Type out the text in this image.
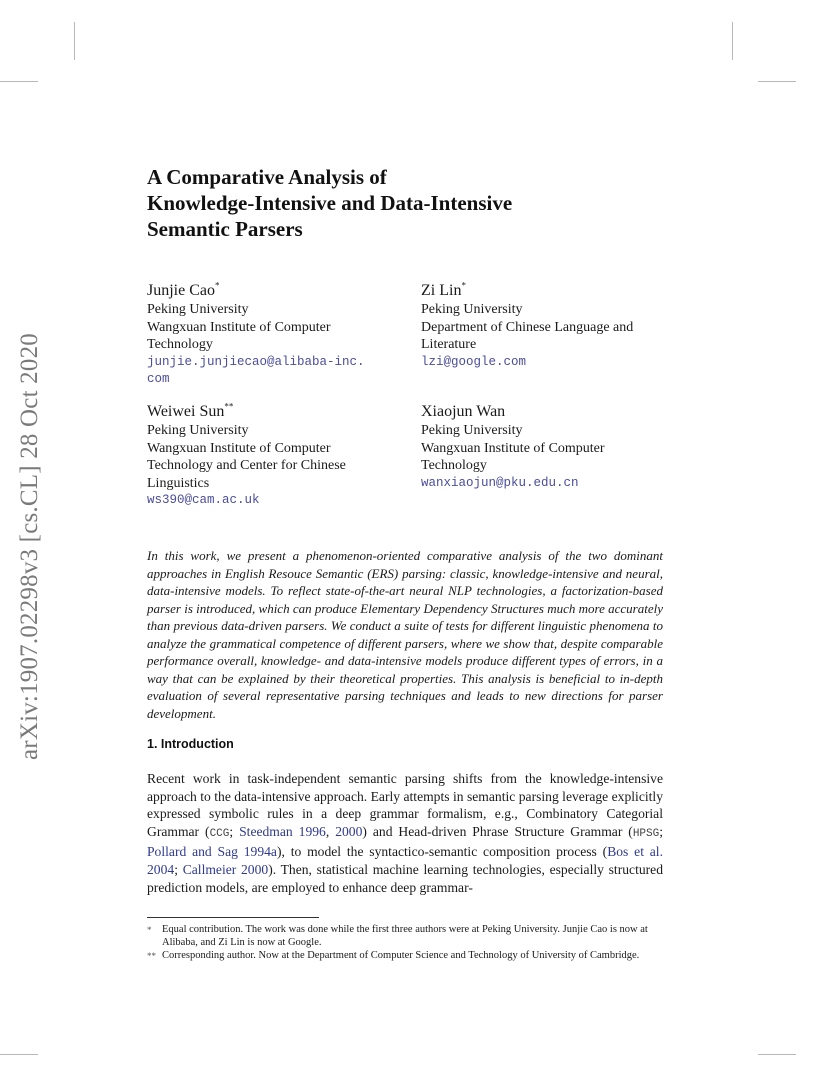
arXiv:1907.02298v3 [cs.CL] 28 Oct 2020
A Comparative Analysis of
Knowledge-Intensive and Data-Intensive
Semantic Parsers
Junjie Cao*
Peking University
Wangxuan Institute of Computer
Technology
junjie.junjiecao@alibaba-inc.
com
Zi Lin*
Peking University
Department of Chinese Language and
Literature
lzi@google.com
Weiwei Sun**
Peking University
Wangxuan Institute of Computer
Technology and Center for Chinese
Linguistics
ws390@cam.ac.uk
Xiaojun Wan
Peking University
Wangxuan Institute of Computer
Technology
wanxiaojun@pku.edu.cn

In this work, we present a phenomenon-oriented comparative analysis of the two dominant approaches in English Resouce Semantic (ERS) parsing: classic, knowledge-intensive and neural, data-intensive models. To reflect state-of-the-art neural NLP technologies, a factorization-based parser is introduced, which can produce Elementary Dependency Structures much more accurately than previous data-driven parsers. We conduct a suite of tests for different linguistic phenomena to analyze the grammatical competence of different parsers, where we show that, despite comparable performance overall, knowledge- and data-intensive models produce different types of errors, in a way that can be explained by their theoretical properties. This analysis is beneficial to in-depth evaluation of several representative parsing techniques and leads to new directions for parser development.

1. Introduction

Recent work in task-independent semantic parsing shifts from the knowledge-intensive approach to the data-intensive approach. Early attempts in semantic parsing leverage explicitly expressed symbolic rules in a deep grammar formalism, e.g., Combinatory Categorial Grammar (CCG; Steedman 1996, 2000) and Head-driven Phrase Structure Grammar (HPSG; Pollard and Sag 1994a), to model the syntactico-semantic composition process (Bos et al. 2004; Callmeier 2000). Then, statistical machine learning technologies, especially structured prediction models, are employed to enhance deep grammar-

*	Equal contribution. The work was done while the first three authors were at Peking University. Junjie Cao is now at Alibaba, and Zi Lin is now at Google.
** Corresponding author. Now at the Department of Computer Science and Technology of University of Cambridge.
